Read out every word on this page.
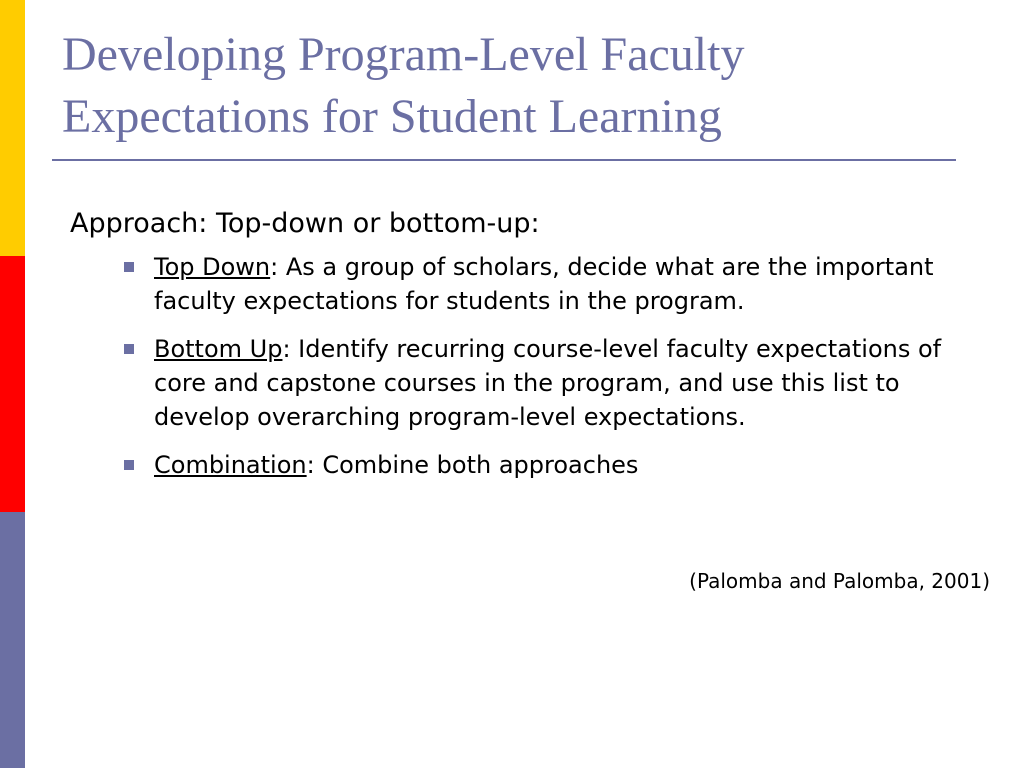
Developing Program-Level Faculty
Expectations for Student Learning

Approach: Top-down or bottom-up:

Top Down: As a group of scholars, decide what are the important faculty expectations for students in the program.
Bottom Up: Identify recurring course-level faculty expectations of core and capstone courses in the program, and use this list to develop overarching program-level expectations.
Combination: Combine both approaches
(Palomba and Palomba, 2001)
